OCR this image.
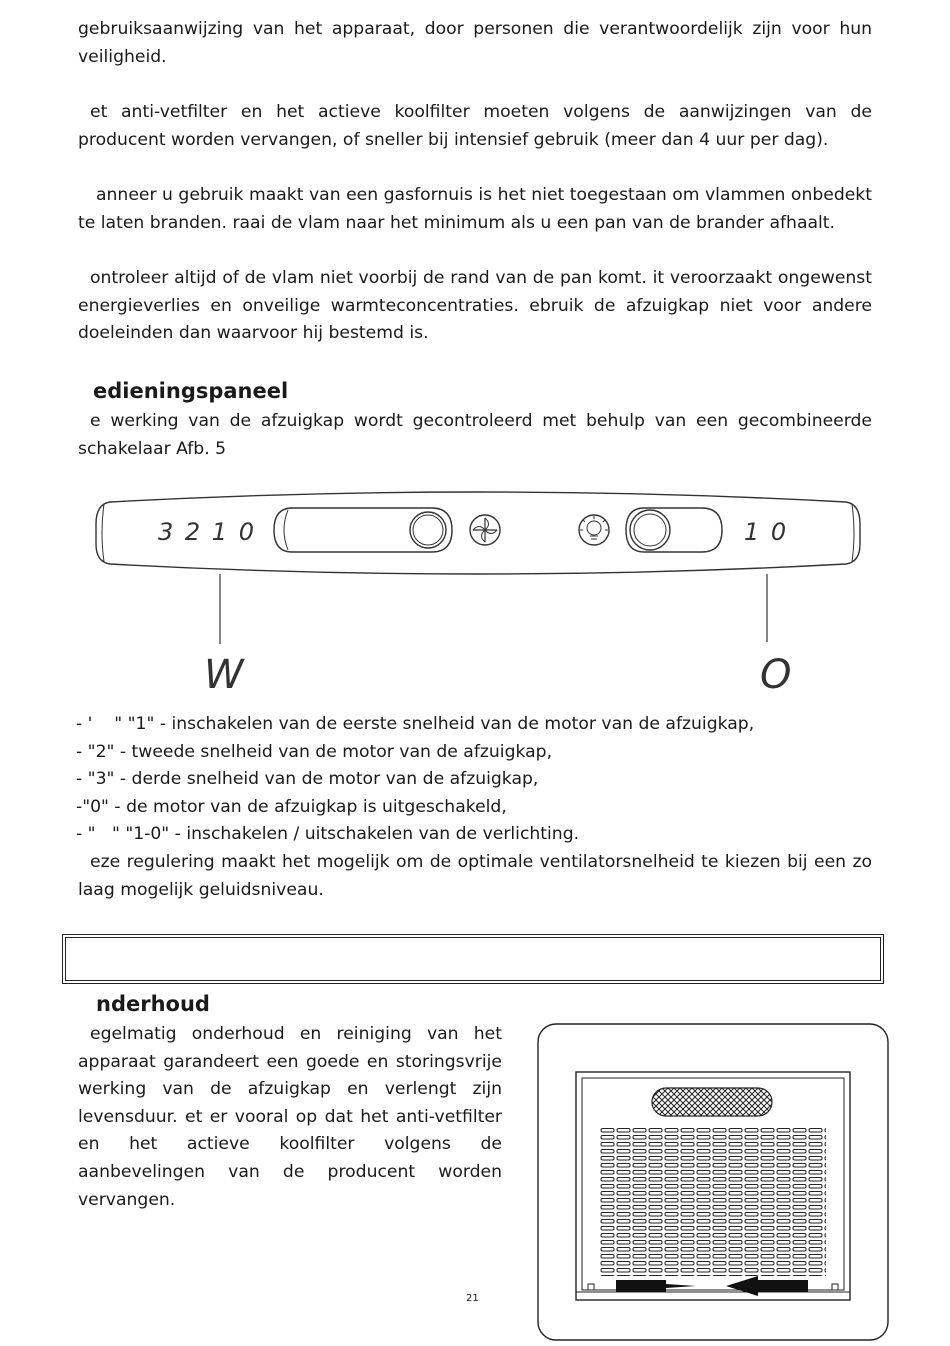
gebruiksaanwijzing van het apparaat, door personen die verantwoordelijk zijn voor hun veiligheid.

et anti-vetfilter en het actieve koolfilter moeten volgens de aanwijzingen van de producent worden vervangen, of sneller bij intensief gebruik (meer dan 4 uur per dag).

anneer u gebruik maakt van een gasfornuis is het niet toegestaan om vlammen onbedekt te laten branden. raai de vlam naar het minimum als u een pan van de brander afhaalt.

ontroleer altijd of de vlam niet voorbij de rand van de pan komt. it veroorzaakt ongewenst energieverlies en onveilige warmteconcentraties. ebruik de afzuigkap niet voor andere doeleinden dan waarvoor hij bestemd is.

edieningspaneel

e werking van de afzuigkap wordt gecontroleerd met behulp van een gecombineerde schakelaar Afb. 5

3 2 1 0	1 0
W	O
- '    " "1" - inschakelen van de eerste snelheid van de motor van de afzuigkap,
- "2" - tweede snelheid van de motor van de afzuigkap,
- "3" - derde snelheid van de motor van de afzuigkap,
-"0" - de motor van de afzuigkap is uitgeschakeld,
- "   " "1-0" - inschakelen / uitschakelen van de verlichting.

eze regulering maakt het mogelijk om de optimale ventilatorsnelheid te kiezen bij een zo laag mogelijk geluidsniveau.

nderhoud

egelmatig onderhoud en reiniging van het apparaat garandeert een goede en storingsvrije werking van de afzuigkap en verlengt zijn levensduur. et er vooral op dat het anti-vetfilter en het actieve koolfilter volgens de aanbevelingen van de producent worden vervangen.

21
